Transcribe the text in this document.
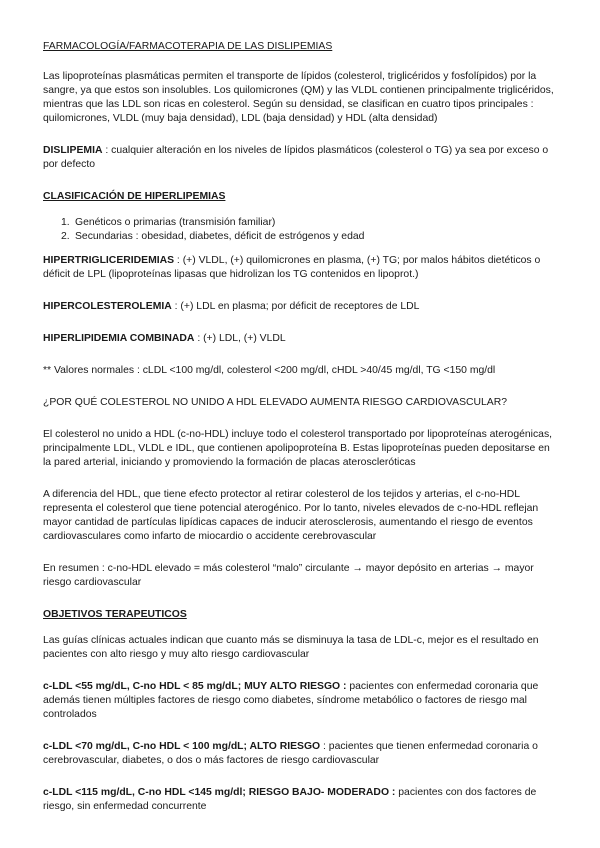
FARMACOLOGÍA/FARMACOTERAPIA DE LAS DISLIPEMIAS

Las lipoproteínas plasmáticas permiten el transporte de lípidos (colesterol, triglicéridos y fosfolípidos) por la sangre, ya que estos son insolubles. Los quilomicrones (QM) y las VLDL contienen principalmente triglicéridos, mientras que las LDL son ricas en colesterol. Según su densidad, se clasifican en cuatro tipos principales : quilomicrones, VLDL (muy baja densidad), LDL (baja densidad) y HDL (alta densidad)

DISLIPEMIA : cualquier alteración en los niveles de lípidos plasmáticos (colesterol o TG) ya sea por exceso o por defecto

CLASIFICACIÓN DE HIPERLIPEMIAS

1. Genéticos o primarias (transmisión familiar)
2. Secundarias : obesidad, diabetes, déficit de estrógenos y edad

HIPERTRIGLICERIDEMIAS : (+) VLDL, (+) quilomicrones en plasma, (+) TG; por malos hábitos dietéticos o déficit de LPL (lipoproteínas lipasas que hidrolizan los TG contenidos en lipoprot.)

HIPERCOLESTEROLEMIA : (+) LDL en plasma; por déficit de receptores de LDL

HIPERLIPIDEMIA COMBINADA : (+) LDL, (+) VLDL

** Valores normales : cLDL <100 mg/dl, colesterol <200 mg/dl, cHDL >40/45 mg/dl, TG <150 mg/dl

¿POR QUÉ COLESTEROL NO UNIDO A HDL ELEVADO AUMENTA RIESGO CARDIOVASCULAR?

El colesterol no unido a HDL (c-no-HDL) incluye todo el colesterol transportado por lipoproteínas aterogénicas, principalmente LDL, VLDL e IDL, que contienen apolipoproteína B. Estas lipoproteínas pueden depositarse en la pared arterial, iniciando y promoviendo la formación de placas ateroscleróticas

A diferencia del HDL, que tiene efecto protector al retirar colesterol de los tejidos y arterias, el c-no-HDL representa el colesterol que tiene potencial aterogénico. Por lo tanto, niveles elevados de c-no-HDL reflejan mayor cantidad de partículas lipídicas capaces de inducir aterosclerosis, aumentando el riesgo de eventos cardiovasculares como infarto de miocardio o accidente cerebrovascular

En resumen : c-no-HDL elevado = más colesterol “malo” circulante → mayor depósito en arterias → mayor riesgo cardiovascular

OBJETIVOS TERAPEUTICOS

Las guías clínicas actuales indican que cuanto más se disminuya la tasa de LDL-c, mejor es el resultado en pacientes con alto riesgo y muy alto riesgo cardiovascular

c-LDL <55 mg/dL, C-no HDL < 85 mg/dL; MUY ALTO RIESGO : pacientes con enfermedad coronaria que además tienen múltiples factores de riesgo como diabetes, síndrome metabólico o factores de riesgo mal controlados

c-LDL <70 mg/dL, C-no HDL < 100 mg/dL; ALTO RIESGO : pacientes que tienen enfermedad coronaria o cerebrovascular, diabetes, o dos o más factores de riesgo cardiovascular

c-LDL <115 mg/dL, C-no HDL <145 mg/dl; RIESGO BAJO- MODERADO : pacientes con dos factores de riesgo, sin enfermedad concurrente
